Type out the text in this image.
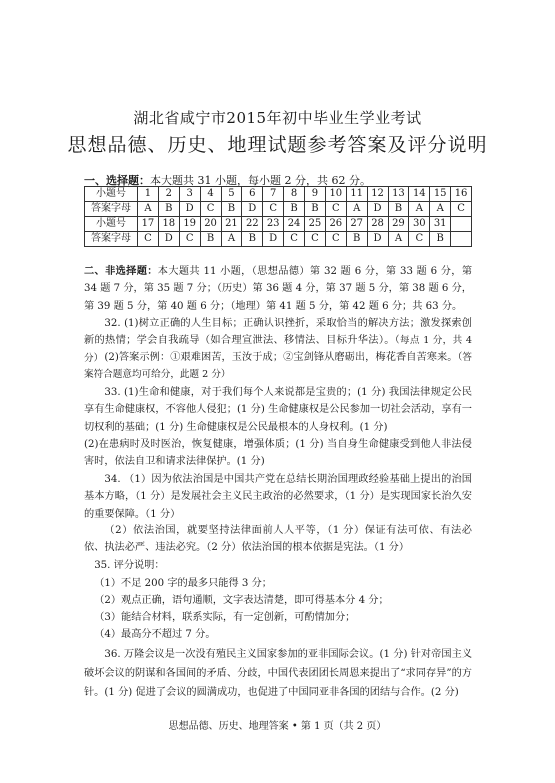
湖北省咸宁市2015年初中毕业生学业考试
思想品德、历史、地理试题参考答案及评分说明
一、选择题：本大题共 31 小题，每小题 2 分，共 62 分。
小题号	1	2	3	4	5	6	7	8	9	10	11	12	13	14	15	16
答案字母	A	B	D	C	B	D	C	B	B	C	A	D	B	A	A	C
小题号	17	18	19	20	21	22	23	24	25	26	27	28	29	30	31	
答案字母	C	D	C	B	A	B	D	C	C	C	B	D	A	C	B	
二、非选择题：本大题共 11 小题，（思想品德）第 32 题 6 分，第 33 题 6 分，第 34 题 7 分，第 35 题 7 分；（历史）第 36 题 4 分，第 37 题 5 分，第 38 题 6 分，第 39 题 5 分，第 40 题 6 分；（地理）第 41 题 5 分，第 42 题 6 分；共 63 分。
32. (1)树立正确的人生目标；正确认识挫折，采取恰当的解决方法；激发探索创新的热情；学会自我疏导（如合理宣泄法、移情法、目标升华法）。（每点 1 分，共 4 分） (2)答案示例：①艰难困苦，玉汝于成；②宝剑锋从磨砺出，梅花香自苦寒来。（答案符合题意均可给分，此题 2 分）
33. (1)生命和健康，对于我们每个人来说都是宝贵的；(1 分) 我国法律规定公民享有生命健康权，不容他人侵犯；(1 分) 生命健康权是公民参加一切社会活动，享有一切权利的基础；(1 分) 生命健康权是公民最根本的人身权利。(1 分)
(2)在患病时及时医治，恢复健康，增强体质；(1 分) 当自身生命健康受到他人非法侵害时，依法自卫和请求法律保护。(1 分)
34. （1）因为依法治国是中国共产党在总结长期治国理政经验基础上提出的治国基本方略，（1 分）是发展社会主义民主政治的必然要求，（1 分）是实现国家长治久安的重要保障。（1 分）
（2）依法治国，就要坚持法律面前人人平等，（1 分）保证有法可依、有法必依、执法必严、违法必究。（2 分）依法治国的根本依据是宪法。（1 分）
35. 评分说明：
（1）不足 200 字的最多只能得 3 分；
（2）观点正确，语句通顺，文字表达清楚，即可得基本分 4 分；
（3）能结合材料，联系实际，有一定创新，可酌情加分；
（4）最高分不超过 7 分。
36. 万隆会议是一次没有殖民主义国家参加的亚非国际会议。(1 分) 针对帝国主义破坏会议的阴谋和各国间的矛盾、分歧，中国代表团团长周恩来提出了“求同存异”的方针。(1 分) 促进了会议的圆满成功，也促进了中国同亚非各国的团结与合作。(2 分)
思想品德、历史、地理答案 • 第 1 页（共 2 页）
